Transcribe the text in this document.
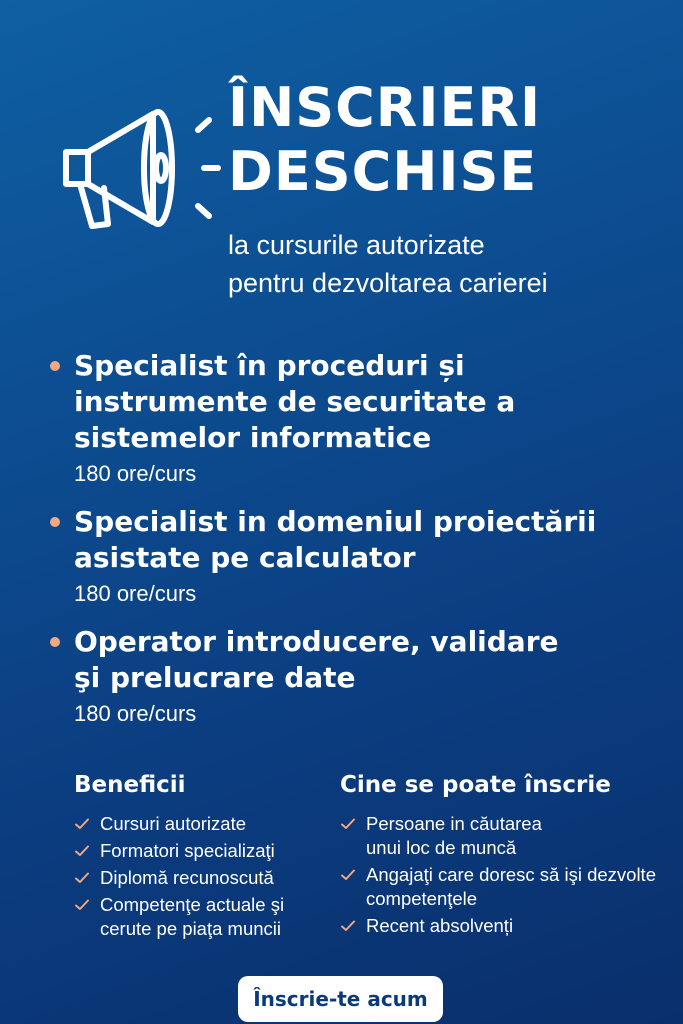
ÎNSCRIERI
DESCHISE
la cursurile autorizate
pentru dezvoltarea carierei
Specialist în proceduri și instrumente de securitate a sistemelor informatice
180 ore/curs
Specialist in domeniul proiectării asistate pe calculator
180 ore/curs
Operator introducere, validare şi prelucrare date
180 ore/curs
Beneficii
Cursuri autorizate
Formatori specializaţi
Diplomă recunoscută
Competenţe actuale şi cerute pe piaţa muncii
Cine se poate înscrie
Persoane in căutarea unui loc de muncă
Angajaţi care doresc să işi dezvolte competenţele
Recent absolvenți
Înscrie-te acum
